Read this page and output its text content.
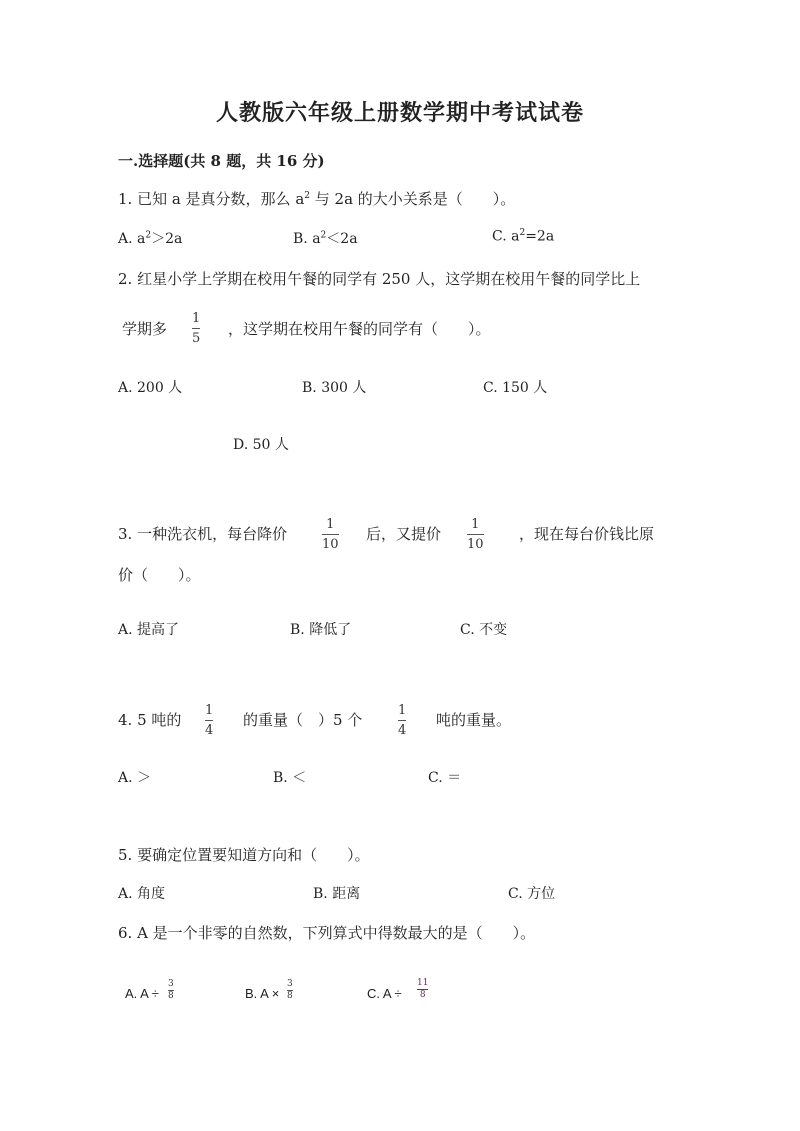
人教版六年级上册数学期中考试试卷
一.选择题(共 8 题，共 16 分)
1. 已知 a 是真分数，那么 $a^2$ 与 2a 的大小关系是（　　）。
A. $a^2>2a$	B. $a^2<2a$	C. $a^2=2a$
2. 红星小学上学期在校用午餐的同学有 250 人，这学期在校用午餐的同学比上
学期多
1
5
，这学期在校用午餐的同学有（　　）。
A. 200 人	B. 300 人	C. 150 人
D. 50 人
3. 一种洗衣机，每台降价
1
10
后，又提价
1
10
，现在每台价钱比原
价（　　）。
A. 提高了	B. 降低了	C. 不变
4. 5 吨的
1
4
的重量（　）5 个
1
4
吨的重量。
A. ＞	B. ＜	C. ＝
5. 要确定位置要知道方向和（　　）。
A. 角度	B. 距离	C. 方位
6. A 是一个非零的自然数，下列算式中得数最大的是（　　）。
A. A ÷
3
8	B. A ×
3
8	C. A ÷
11
8
